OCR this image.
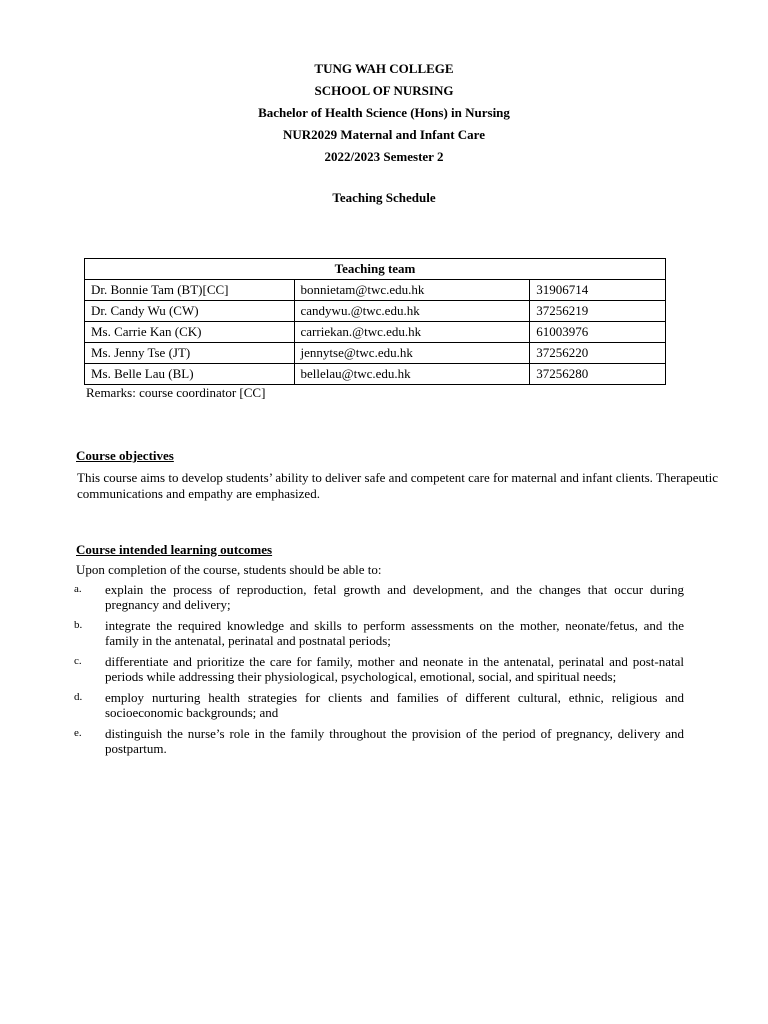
TUNG WAH COLLEGE
SCHOOL OF NURSING
Bachelor of Health Science (Hons) in Nursing
NUR2029 Maternal and Infant Care
2022/2023 Semester 2
Teaching Schedule
Teaching team		
Dr. Bonnie Tam (BT)[CC]	bonnietam@twc.edu.hk	31906714
Dr. Candy Wu (CW)	candywu.@twc.edu.hk	37256219
Ms. Carrie Kan (CK)	carriekan.@twc.edu.hk	61003976
Ms. Jenny Tse (JT)	jennytse@twc.edu.hk	37256220
Ms. Belle Lau (BL)	bellelau@twc.edu.hk	37256280
Remarks: course coordinator [CC]
Course objectives
This course aims to develop students’ ability to deliver safe and competent care for maternal and infant clients. Therapeutic communications and empathy are emphasized.
Course intended learning outcomes
Upon completion of the course, students should be able to:
a.	explain the process of reproduction, fetal growth and development, and the changes that occur during pregnancy and delivery;
b.	integrate the required knowledge and skills to perform assessments on the mother, neonate/fetus, and the family in the antenatal, perinatal and postnatal periods;
c.	differentiate and prioritize the care for family, mother and neonate in the antenatal, perinatal and post-natal periods while addressing their physiological, psychological, emotional, social, and spiritual needs;
d.	employ nurturing health strategies for clients and families of different cultural, ethnic, religious and socioeconomic backgrounds; and
e.	distinguish the nurse’s role in the family throughout the provision of the period of pregnancy, delivery and postpartum.
